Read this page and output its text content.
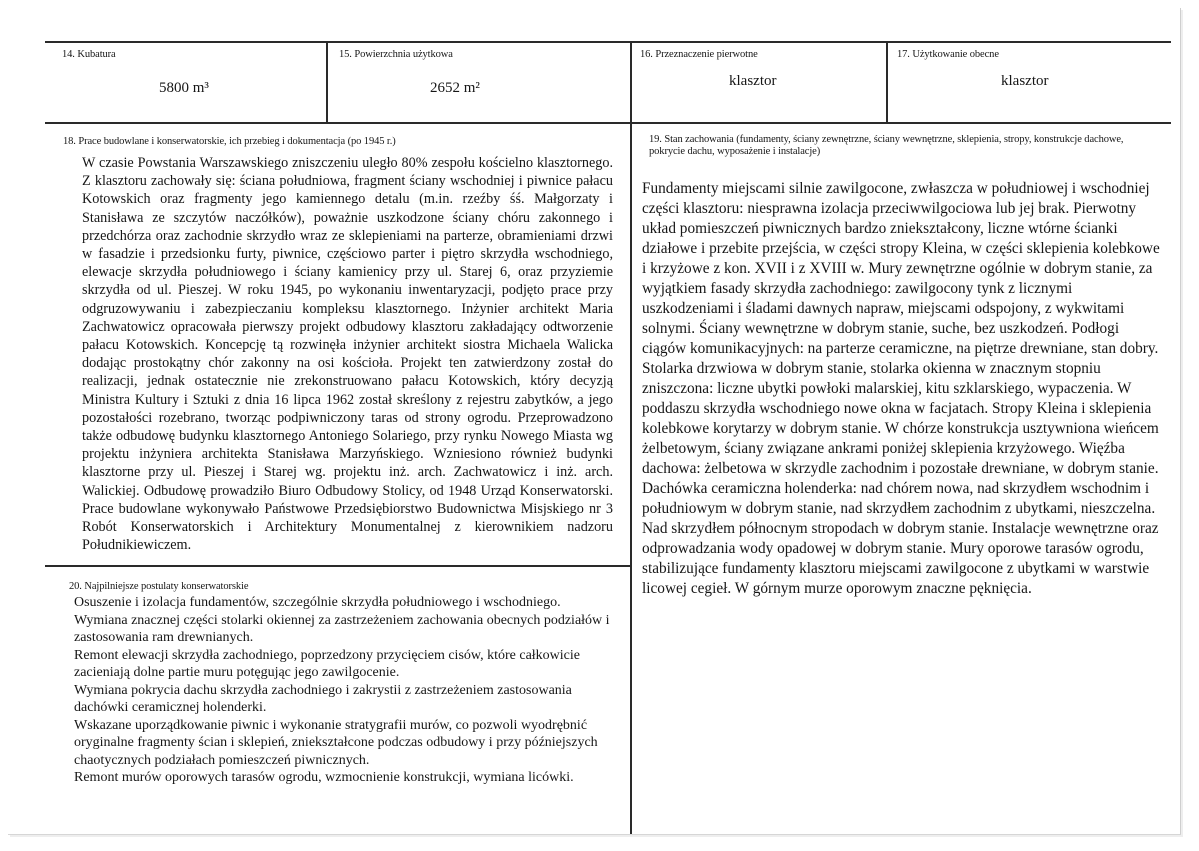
14. Kubatura
5800 m³
15. Powierzchnia użytkowa
2652 m²
16. Przeznaczenie pierwotne
klasztor
17. Użytkowanie obecne
klasztor
18. Prace budowlane i konserwatorskie, ich przebieg i dokumentacja (po 1945 r.)

W czasie Powstania Warszawskiego zniszczeniu uległo 80% zespołu kościelno klasztornego. Z klasztoru zachowały się: ściana południowa, fragment ściany wschodniej i piwnice pałacu Kotowskich oraz fragmenty jego kamiennego detalu (m.in. rzeźby śś. Małgorzaty i Stanisława ze szczytów naczółków), poważnie uszkodzone ściany chóru zakonnego i przedchórza oraz zachodnie skrzydło wraz ze sklepieniami na parterze, obramieniami drzwi w fasadzie i przedsionku furty, piwnice, częściowo parter i piętro skrzydła wschodniego, elewacje skrzydła południowego i ściany kamienicy przy ul. Starej 6, oraz przyziemie skrzydła od ul. Pieszej. W roku 1945, po wykonaniu inwentaryzacji, podjęto prace przy odgruzowywaniu i zabezpieczaniu kompleksu klasztornego. Inżynier architekt Maria Zachwatowicz opracowała pierwszy projekt odbudowy klasztoru zakładający odtworzenie pałacu Kotowskich. Koncepcję tą rozwinęła inżynier architekt siostra Michaela Walicka dodając prostokątny chór zakonny na osi kościoła. Projekt ten zatwierdzony został do realizacji, jednak ostatecznie nie zrekonstruowano pałacu Kotowskich, który decyzją Ministra Kultury i Sztuki z dnia 16 lipca 1962 został skreślony z rejestru zabytków, a jego pozostałości rozebrano, tworząc podpiwniczony taras od strony ogrodu. Przeprowadzono także odbudowę budynku klasztornego Antoniego Solariego, przy rynku Nowego Miasta wg projektu inżyniera architekta Stanisława Marzyńskiego. Wzniesiono również budynki klasztorne przy ul. Pieszej i Starej wg. projektu inż. arch. Zachwatowicz i inż. arch. Walickiej. Odbudowę prowadziło Biuro Odbudowy Stolicy, od 1948 Urząd Konserwatorski. Prace budowlane wykonywało Państwowe Przedsiębiorstwo Budownictwa Misjskiego nr 3 Robót Konserwatorskich i Architektury Monumentalnej z kierownikiem nadzoru Południkiewiczem.

20. Najpilniejsze postulaty konserwatorskie
Osuszenie i izolacja fundamentów, szczególnie skrzydła południowego i wschodniego.
Wymiana znacznej części stolarki okiennej za zastrzeżeniem zachowania obecnych podziałów i zastosowania ram drewnianych.
Remont elewacji skrzydła zachodniego, poprzedzony przycięciem cisów, które całkowicie zacieniają dolne partie muru potęgując jego zawilgocenie.
Wymiana pokrycia dachu skrzydła zachodniego i zakrystii z zastrzeżeniem zastosowania dachówki ceramicznej holenderki.
Wskazane uporządkowanie piwnic i wykonanie stratygrafii murów, co pozwoli wyodrębnić oryginalne fragmenty ścian i sklepień, zniekształcone podczas odbudowy i przy późniejszych chaotycznych podziałach pomieszczeń piwnicznych.
Remont murów oporowych tarasów ogrodu, wzmocnienie konstrukcji, wymiana licówki.
19. Stan zachowania (fundamenty, ściany zewnętrzne, ściany wewnętrzne, sklepienia, stropy, konstrukcje dachowe, pokrycie dachu, wyposażenie i instalacje)

Fundamenty miejscami silnie zawilgocone, zwłaszcza w południowej i wschodniej części klasztoru: niesprawna izolacja przeciwwilgociowa lub jej brak. Pierwotny układ pomieszczeń piwnicznych bardzo zniekształcony, liczne wtórne ścianki działowe i przebite przejścia, w części stropy Kleina, w części sklepienia kolebkowe i krzyżowe z kon. XVII i z XVIII w. Mury zewnętrzne ogólnie w dobrym stanie, za wyjątkiem fasady skrzydła zachodniego: zawilgocony tynk z licznymi uszkodzeniami i śladami dawnych napraw, miejscami odspojony, z wykwitami solnymi. Ściany wewnętrzne w dobrym stanie, suche, bez uszkodzeń. Podłogi ciągów komunikacyjnych: na parterze ceramiczne, na piętrze drewniane, stan dobry. Stolarka drzwiowa w dobrym stanie, stolarka okienna w znacznym stopniu zniszczona: liczne ubytki powłoki malarskiej, kitu szklarskiego, wypaczenia. W poddaszu skrzydła wschodniego nowe okna w facjatach. Stropy Kleina i sklepienia kolebkowe korytarzy w dobrym stanie. W chórze konstrukcja usztywniona wieńcem żelbetowym, ściany związane ankrami poniżej sklepienia krzyżowego. Więźba dachowa: żelbetowa w skrzydle zachodnim i pozostałe drewniane, w dobrym stanie. Dachówka ceramiczna holenderka: nad chórem nowa, nad skrzydłem wschodnim i południowym w dobrym stanie, nad skrzydłem zachodnim z ubytkami, nieszczelna. Nad skrzydłem północnym stropodach w dobrym stanie. Instalacje wewnętrzne oraz odprowadzania wody opadowej w dobrym stanie. Mury oporowe tarasów ogrodu, stabilizujące fundamenty klasztoru miejscami zawilgocone z ubytkami w warstwie licowej cegieł. W górnym murze oporowym znaczne pęknięcia.
